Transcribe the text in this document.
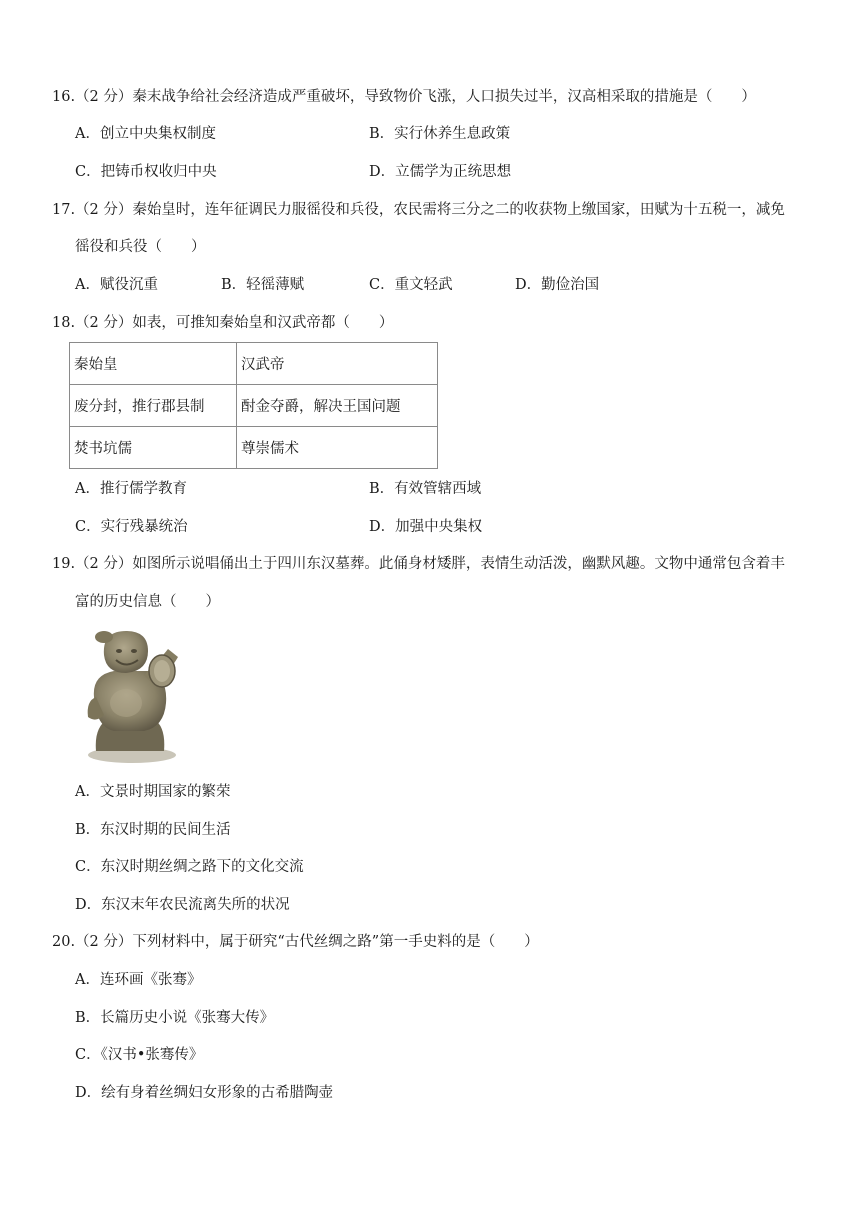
16.（2 分）秦末战争给社会经济造成严重破坏，导致物价飞涨，人口损失过半，汉高相采取的措施是（　　）
A．创立中央集权制度	B．实行休养生息政策
C．把铸币权收归中央	D．立儒学为正统思想
17.（2 分）秦始皇时，连年征调民力服徭役和兵役，农民需将三分之二的收获物上缴国家，田赋为十五税一，减免
徭役和兵役（　　）
A．赋役沉重	B．轻徭薄赋	C．重文轻武	D．勤俭治国
18.（2 分）如表，可推知秦始皇和汉武帝都（　　）
秦始皇	汉武帝
废分封，推行郡县制	酎金夺爵，解决王国问题
焚书坑儒	尊崇儒术
A．推行儒学教育	B．有效管辖西域
C．实行残暴统治	D．加强中央集权
19.（2 分）如图所示说唱俑出土于四川东汉墓葬。此俑身材矮胖，表情生动活泼，幽默风趣。文物中通常包含着丰
富的历史信息（　　）
A．文景时期国家的繁荣
B．东汉时期的民间生活
C．东汉时期丝绸之路下的文化交流
D．东汉末年农民流离失所的状况
20.（2 分）下列材料中，属于研究“古代丝绸之路”第一手史料的是（　　）
A．连环画《张骞》
B．长篇历史小说《张骞大传》
C．《汉书•张骞传》
D．绘有身着丝绸妇女形象的古希腊陶壶
